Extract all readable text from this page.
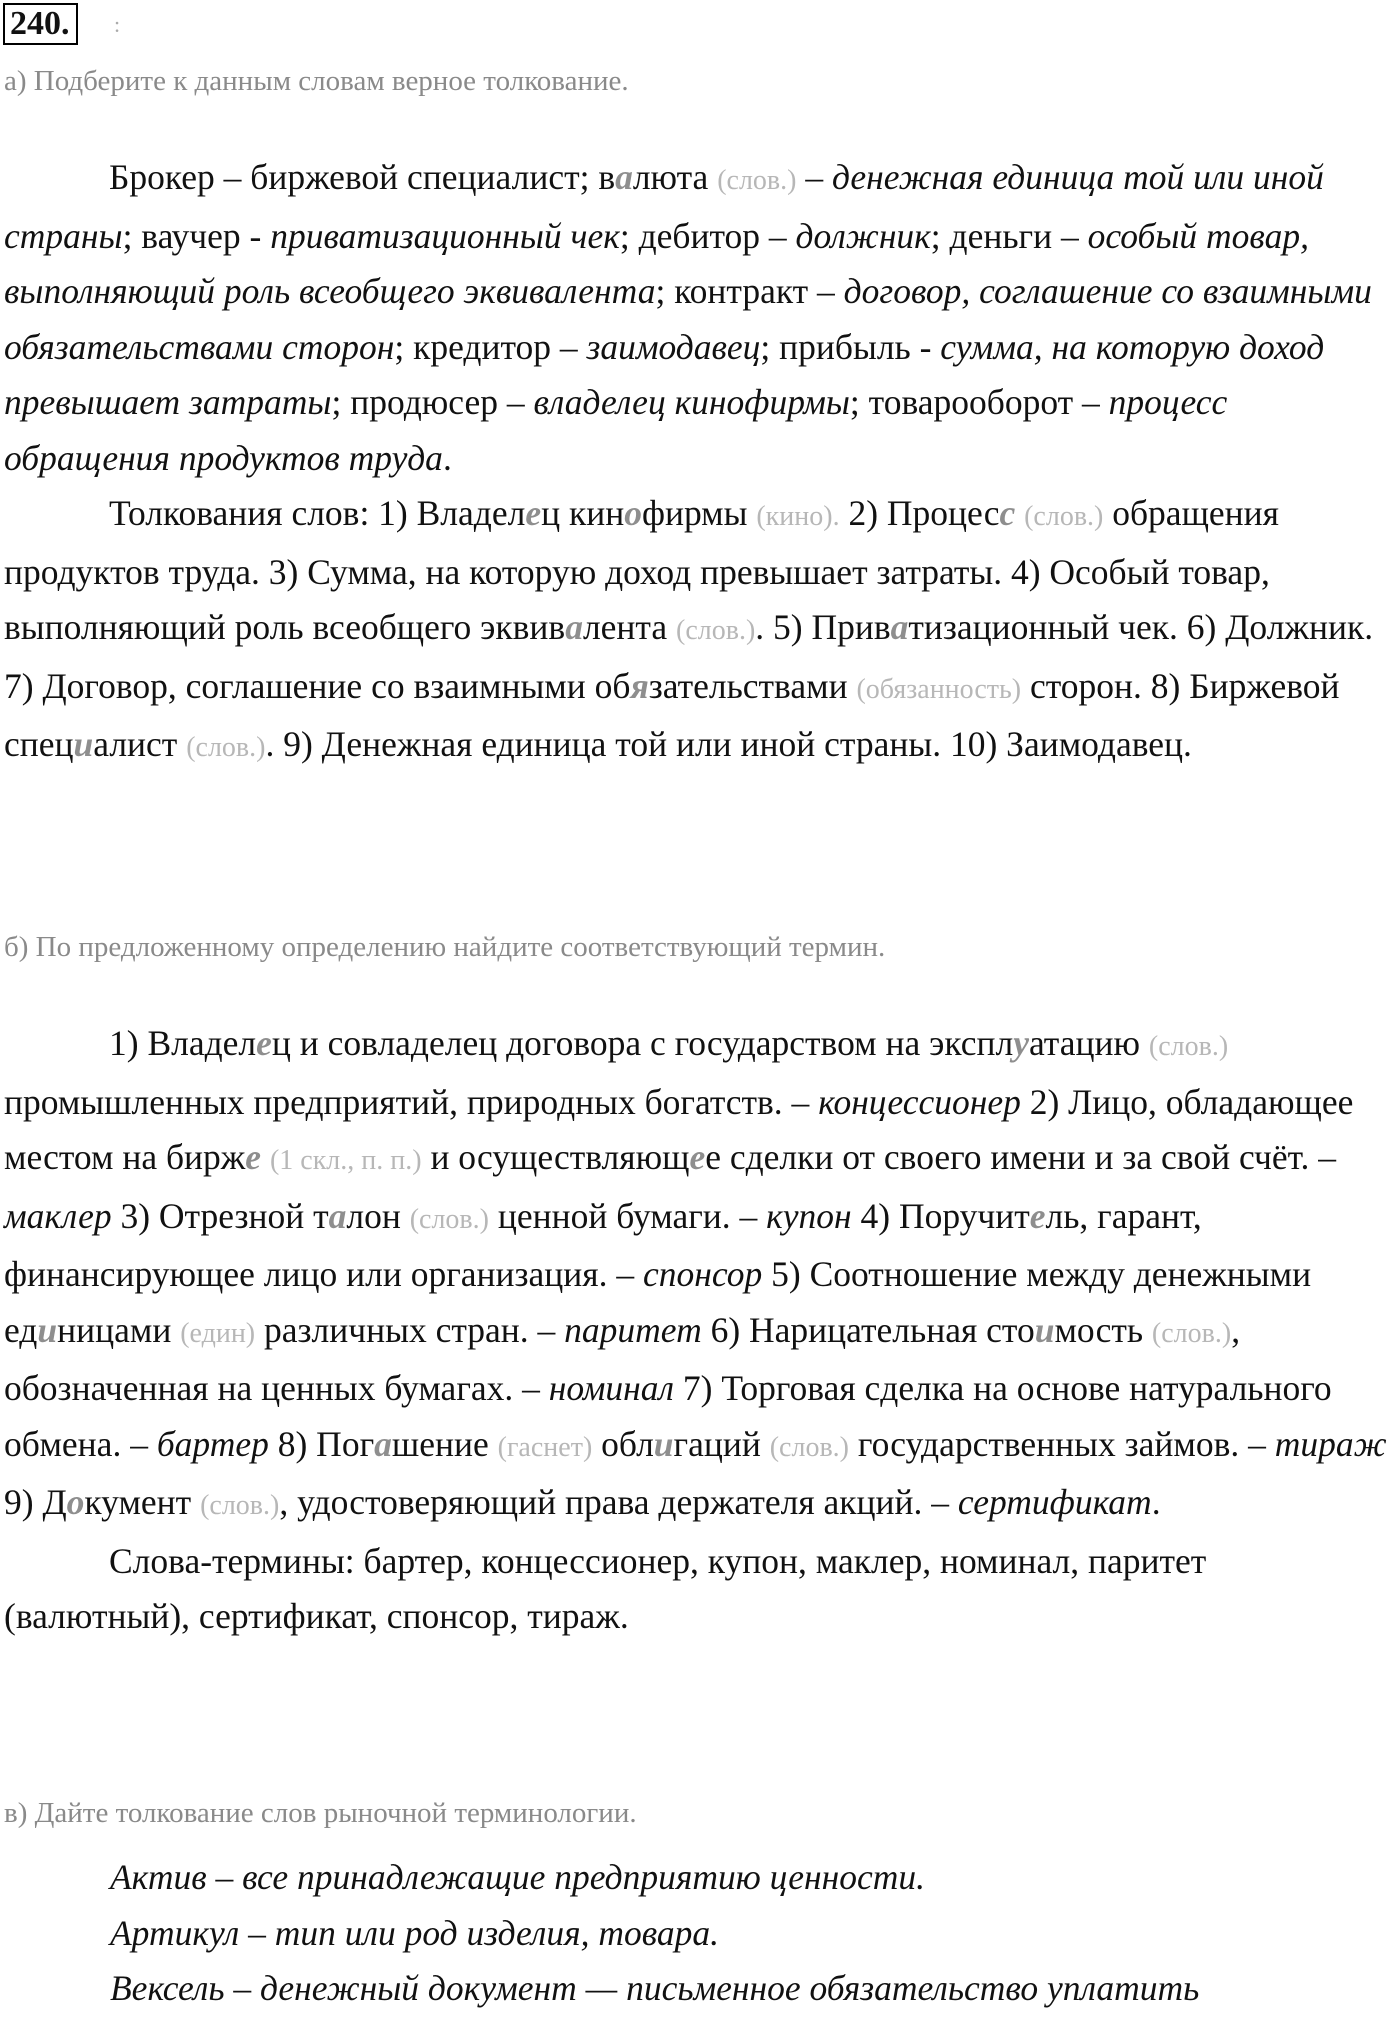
240.	:
а) Подберите к данным словам верное толкование.

Брокер – биржевой специалист; валюта (слов.) – денежная единица той или иной страны; ваучер - приватизационный чек; дебитор – должник; деньги – особый товар, выполняющий роль всеобщего эквивалента; контракт – договор, соглашение со взаимными обязательствами сторон; кредитор – заимодавец; прибыль - сумма, на которую доход превышает затраты; продюсер – владелец кинофирмы; товарооборот – процесс обращения продуктов труда.

Толкования слов: 1) Владелец кинофирмы (кино). 2) Процесс (слов.) обращения продуктов труда. 3) Сумма, на которую доход превышает затраты. 4) Особый товар, выполняющий роль всеобщего эквивалента (слов.). 5) Приватизационный чек. 6) Должник. 7) Договор, соглашение со взаимными обязательствами (обязанность) сторон. 8) Биржевой специалист (слов.). 9) Денежная единица той или иной страны. 10) Заимодавец.

б) По предложенному определению найдите соответствующий термин.

1) Владелец и совладелец договора с государством на эксплуатацию (слов.) промышленных предприятий, природных богатств. – концессионер 2) Лицо, обладающее местом на бирже (1 скл., п. п.) и осуществляющее сделки от своего имени и за свой счёт. – маклер 3) Отрезной талон (слов.) ценной бумаги. – купон 4) Поручитель, гарант, финансирующее лицо или организация. – спонсор 5) Соотношение между денежными единицами (един) различных стран. – паритет 6) Нарицательная стоимость (слов.), обозначенная на ценных бумагах. – номинал 7) Торговая сделка на основе натурального обмена. – бартер 8) Погашение (гаснет) облигаций (слов.) государственных займов. – тираж 9) Документ (слов.), удостоверяющий права держателя акций. – сертификат.

Слова-термины: бартер, концессионер, купон, маклер, номинал, паритет (валютный), сертификат, спонсор, тираж.

в) Дайте толкование слов рыночной терминологии.
Актив – все принадлежащие предприятию ценности.
Артикул – тип или род изделия, товара.
Вексель – денежный документ — письменное обязательство уплатить
